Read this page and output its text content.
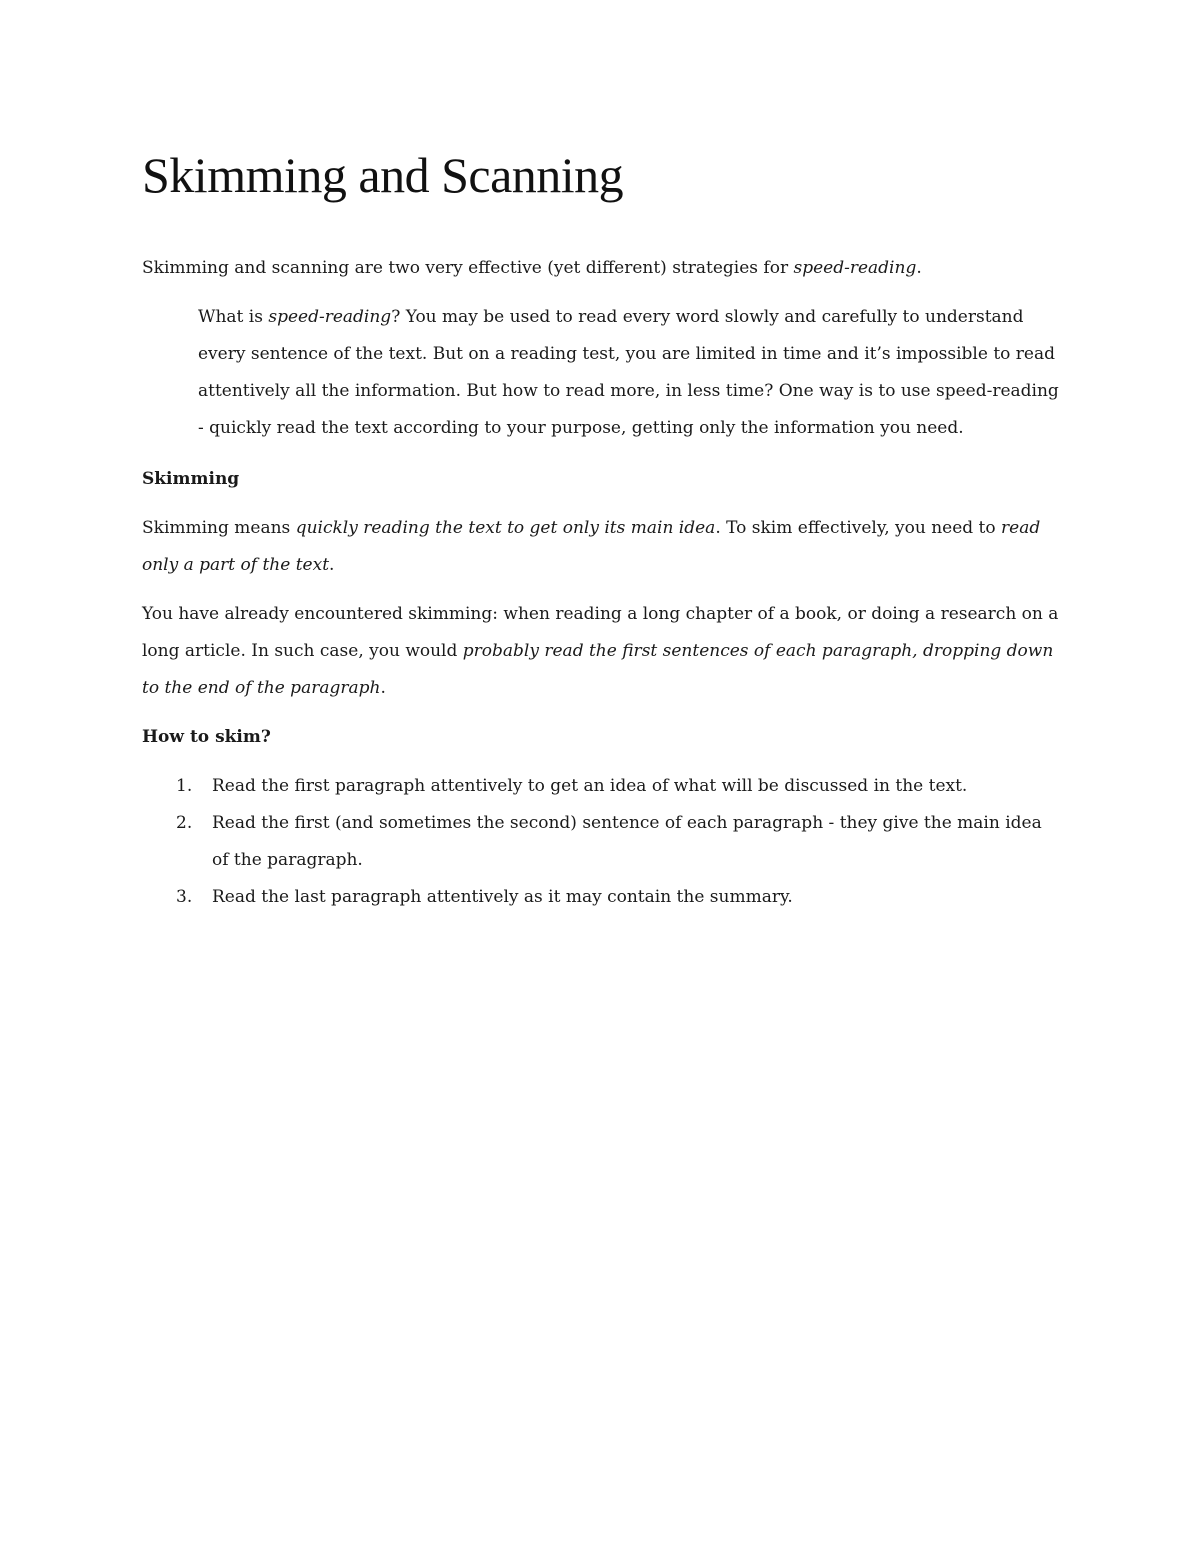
Skimming and Scanning

Skimming and scanning are two very effective (yet different) strategies for speed-reading.

What is speed-reading? You may be used to read every word slowly and carefully to understand every sentence of the text. But on a reading test, you are limited in time and it’s impossible to read attentively all the information. But how to read more, in less time? One way is to use speed-reading - quickly read the text according to your purpose, getting only the information you need.

Skimming

Skimming means quickly reading the text to get only its main idea. To skim effectively, you need to read only a part of the text.

You have already encountered skimming: when reading a long chapter of a book, or doing a research on a long article. In such case, you would probably read the first sentences of each paragraph, dropping down to the end of the paragraph.

How to skim?

1.	Read the first paragraph attentively to get an idea of what will be discussed in the text.
2.	Read the first (and sometimes the second) sentence of each paragraph - they give the main idea of the paragraph.
3.	Read the last paragraph attentively as it may contain the summary.
